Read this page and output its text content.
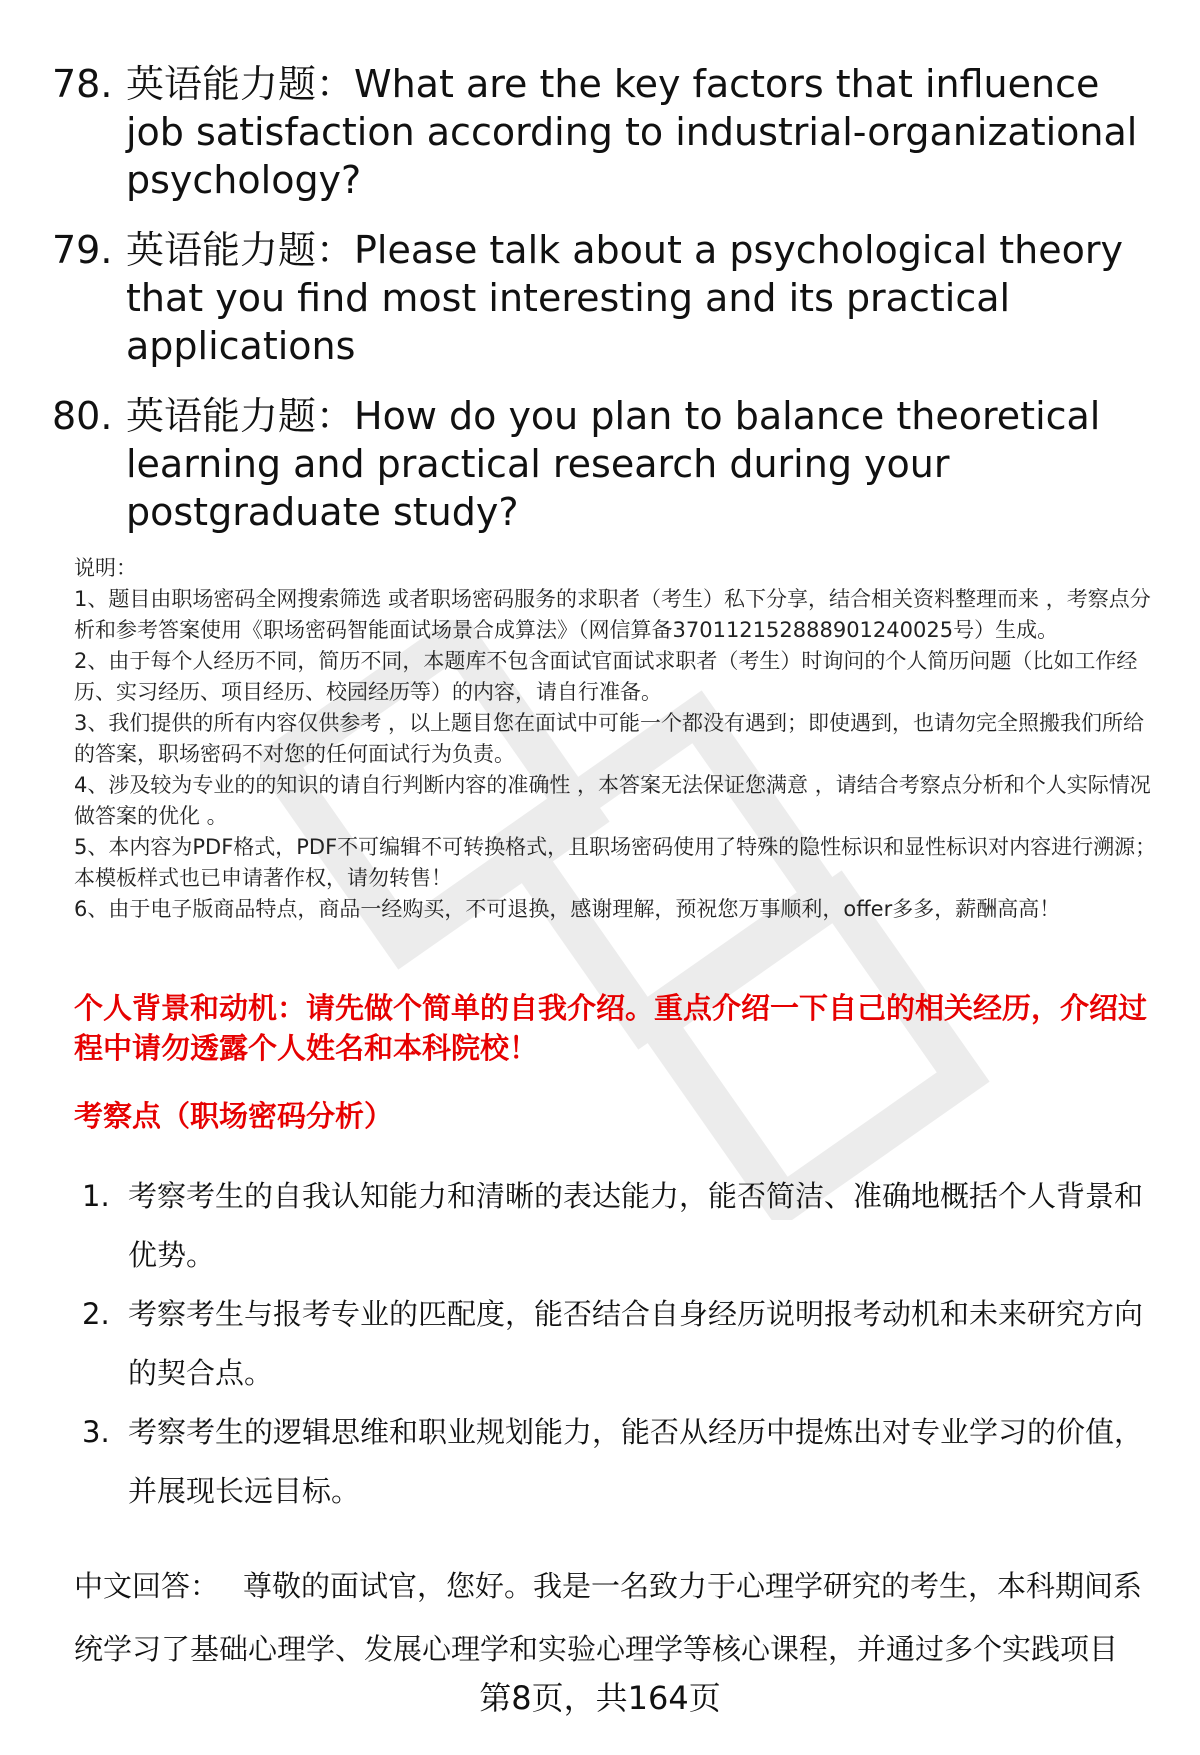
78. 英语能力题：What are the key factors that influence job satisfaction according to industrial-organizational psychology?
79. 英语能力题：Please talk about a psychological theory that you find most interesting and its practical applications
80. 英语能力题：How do you plan to balance theoretical learning and practical research during your postgraduate study?

说明：

1、题目由职场密码全网搜索筛选 或者职场密码服务的求职者（考生）私下分享，结合相关资料整理而来 ，考察点分析和参考答案使用《职场密码智能面试场景合成算法》（网信算备370112152888901240025号）生成。

2、由于每个人经历不同，简历不同，本题库不包含面试官面试求职者（考生）时询问的个人简历问题（比如工作经历、实习经历、项目经历、校园经历等）的内容，请自行准备。

3、我们提供的所有内容仅供参考 ，以上题目您在面试中可能一个都没有遇到；即使遇到，也请勿完全照搬我们所给的答案，职场密码不对您的任何面试行为负责。

4、涉及较为专业的的知识的请自行判断内容的准确性 ，本答案无法保证您满意 ，请结合考察点分析和个人实际情况做答案的优化 。

5、本内容为PDF格式，PDF不可编辑不可转换格式，且职场密码使用了特殊的隐性标识和显性标识对内容进行溯源；本模板样式也已申请著作权，请勿转售！

6、由于电子版商品特点，商品一经购买，不可退换，感谢理解，预祝您万事顺利，offer多多，薪酬高高！

个人背景和动机：请先做个简单的自我介绍。重点介绍一下自己的相关经历，介绍过程中请勿透露个人姓名和本科院校！
考察点（职场密码分析）
1. 考察考生的自我认知能力和清晰的表达能力，能否简洁、准确地概括个人背景和优势。
2. 考察考生与报考专业的匹配度，能否结合自身经历说明报考动机和未来研究方向的契合点。
3. 考察考生的逻辑思维和职业规划能力，能否从经历中提炼出对专业学习的价值，并展现长远目标。
中文回答： 尊敬的面试官，您好。我是一名致力于心理学研究的考生，本科期间系统学习了基础心理学、发展心理学和实验心理学等核心课程，并通过多个实践项目
第8页，共164页
